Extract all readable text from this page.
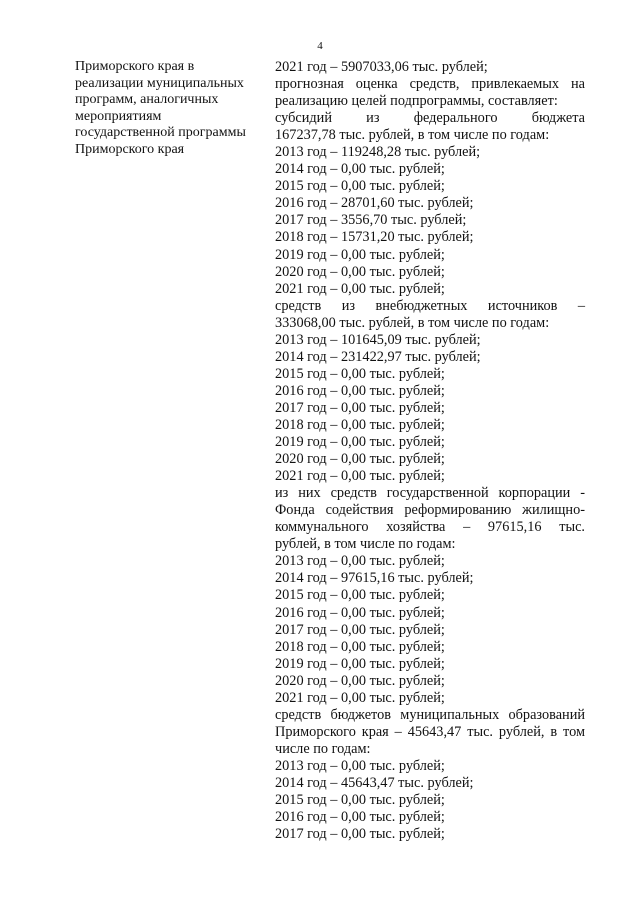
4
Приморского края в
реализации муниципальных
программ, аналогичных
мероприятиям
государственной программы
Приморского края
2021 год – 5907033,06 тыс. рублей;
прогнозная оценка средств, привлекаемых на
реализацию целей подпрограммы, составляет:
субсидий из федерального бюджета
167237,78 тыс. рублей, в том числе по годам:
2013 год – 119248,28 тыс. рублей;
2014 год – 0,00 тыс. рублей;
2015 год – 0,00 тыс. рублей;
2016 год – 28701,60 тыс. рублей;
2017 год – 3556,70 тыс. рублей;
2018 год – 15731,20 тыс. рублей;
2019 год – 0,00 тыс. рублей;
2020 год – 0,00 тыс. рублей;
2021 год – 0,00 тыс. рублей;
средств из внебюджетных источников –
333068,00 тыс. рублей, в том числе по годам:
2013 год – 101645,09 тыс. рублей;
2014 год – 231422,97 тыс. рублей;
2015 год – 0,00 тыс. рублей;
2016 год – 0,00 тыс. рублей;
2017 год – 0,00 тыс. рублей;
2018 год – 0,00 тыс. рублей;
2019 год – 0,00 тыс. рублей;
2020 год – 0,00 тыс. рублей;
2021 год – 0,00 тыс. рублей;
из них средств государственной корпорации -
Фонда содействия реформированию жилищно-
коммунального хозяйства – 97615,16 тыс.
рублей, в том числе по годам:
2013 год – 0,00 тыс. рублей;
2014 год – 97615,16 тыс. рублей;
2015 год – 0,00 тыс. рублей;
2016 год – 0,00 тыс. рублей;
2017 год – 0,00 тыс. рублей;
2018 год – 0,00 тыс. рублей;
2019 год – 0,00 тыс. рублей;
2020 год – 0,00 тыс. рублей;
2021 год – 0,00 тыс. рублей;
средств бюджетов муниципальных образований
Приморского края – 45643,47 тыс. рублей, в том
числе по годам:
2013 год – 0,00 тыс. рублей;
2014 год – 45643,47 тыс. рублей;
2015 год – 0,00 тыс. рублей;
2016 год – 0,00 тыс. рублей;
2017 год – 0,00 тыс. рублей;
